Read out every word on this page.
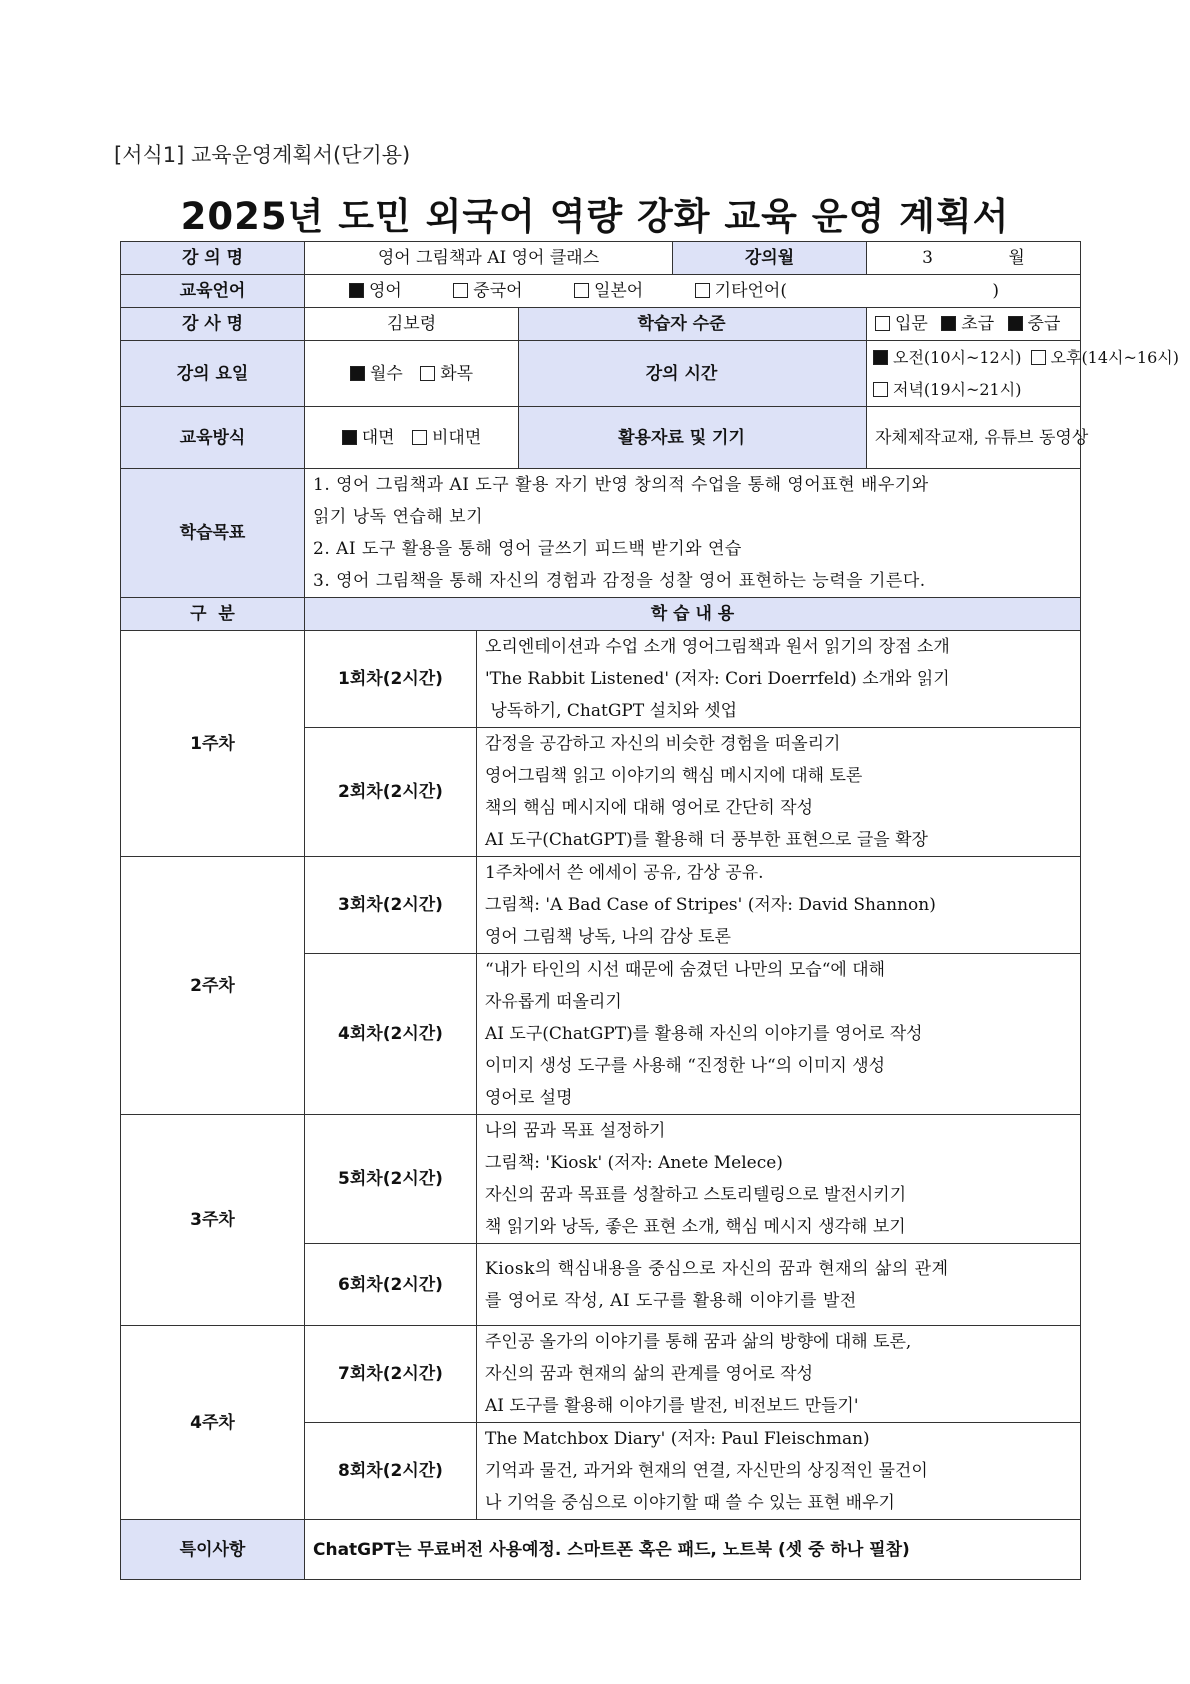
[서식1] 교육운영계획서(단기용)
2025년 도민 외국어 역량 강화 교육 운영 계획서
강 의 명	영어 그림책과 AI 영어 클래스		강의월	3 월
교육언어	영어 중국어 일본어 기타언어( )			
강 사 명	김보령	학습자 수준		입문 초급 중급
강의 요일	월수 화목	강의 시간		오전(10시~12시) 오후(14시~16시)
저녁(19시~21시)

교육방식	대면 비대면	활용자료 및 기기		자체제작교재, 유튜브 동영상
학습목표	1. 영어 그림책과 AI 도구 활용 자기 반영 창의적 수업을 통해 영어표현 배우기와
읽기 낭독 연습해 보기
2. AI 도구 활용을 통해 영어 글쓰기 피드백 받기와 연습
3. 영어 그림책을 통해 자신의 경험과 감정을 성찰 영어 표현하는 능력을 기른다.			
구  분	학 습 내 용	
1주차	1회차(2시간)	오리엔테이션과 수업 소개 영어그림책과 원서 읽기의 장점 소개
'The Rabbit Listened' (저자: Cori Doerrfeld) 소개와 읽기
낭독하기, ChatGPT 설치와 셋업

	2회차(2시간)	감정을 공감하고 자신의 비슷한 경험을 떠올리기
영어그림책 읽고 이야기의 핵심 메시지에 대해 토론
책의 핵심 메시지에 대해 영어로 간단히 작성
AI 도구(ChatGPT)를 활용해 더 풍부한 표현으로 글을 확장

2주차	3회차(2시간)	1주차에서 쓴 에세이 공유, 감상 공유.
그림책: 'A Bad Case of Stripes' (저자: David Shannon)
영어 그림책 낭독, 나의 감상 토론

	4회차(2시간)	“내가 타인의 시선 때문에 숨겼던 나만의 모습“에 대해
자유롭게 떠올리기
AI 도구(ChatGPT)를 활용해 자신의 이야기를 영어로 작성
이미지 생성 도구를 사용해 “진정한 나“의 이미지 생성
영어로 설명

3주차	5회차(2시간)	나의 꿈과 목표 설정하기
그림책: 'Kiosk' (저자: Anete Melece)
자신의 꿈과 목표를 성찰하고 스토리텔링으로 발전시키기
책 읽기와 낭독, 좋은 표현 소개, 핵심 메시지 생각해 보기

	6회차(2시간)	Kiosk의 핵심내용을 중심으로 자신의 꿈과 현재의 삶의 관계
를 영어로 작성, AI 도구를 활용해 이야기를 발전

4주차	7회차(2시간)	주인공 올가의 이야기를 통해 꿈과 삶의 방향에 대해 토론,
자신의 꿈과 현재의 삶의 관계를 영어로 작성
AI 도구를 활용해 이야기를 발전, 비전보드 만들기'

	8회차(2시간)	The Matchbox Diary' (저자: Paul Fleischman)
기억과 물건, 과거와 현재의 연결, 자신만의 상징적인 물건이
나 기억을 중심으로 이야기할 때 쓸 수 있는 표현 배우기

특이사항	ChatGPT는 무료버전 사용예정. 스마트폰 혹은 패드, 노트북 (셋 중 하나 필참)	
